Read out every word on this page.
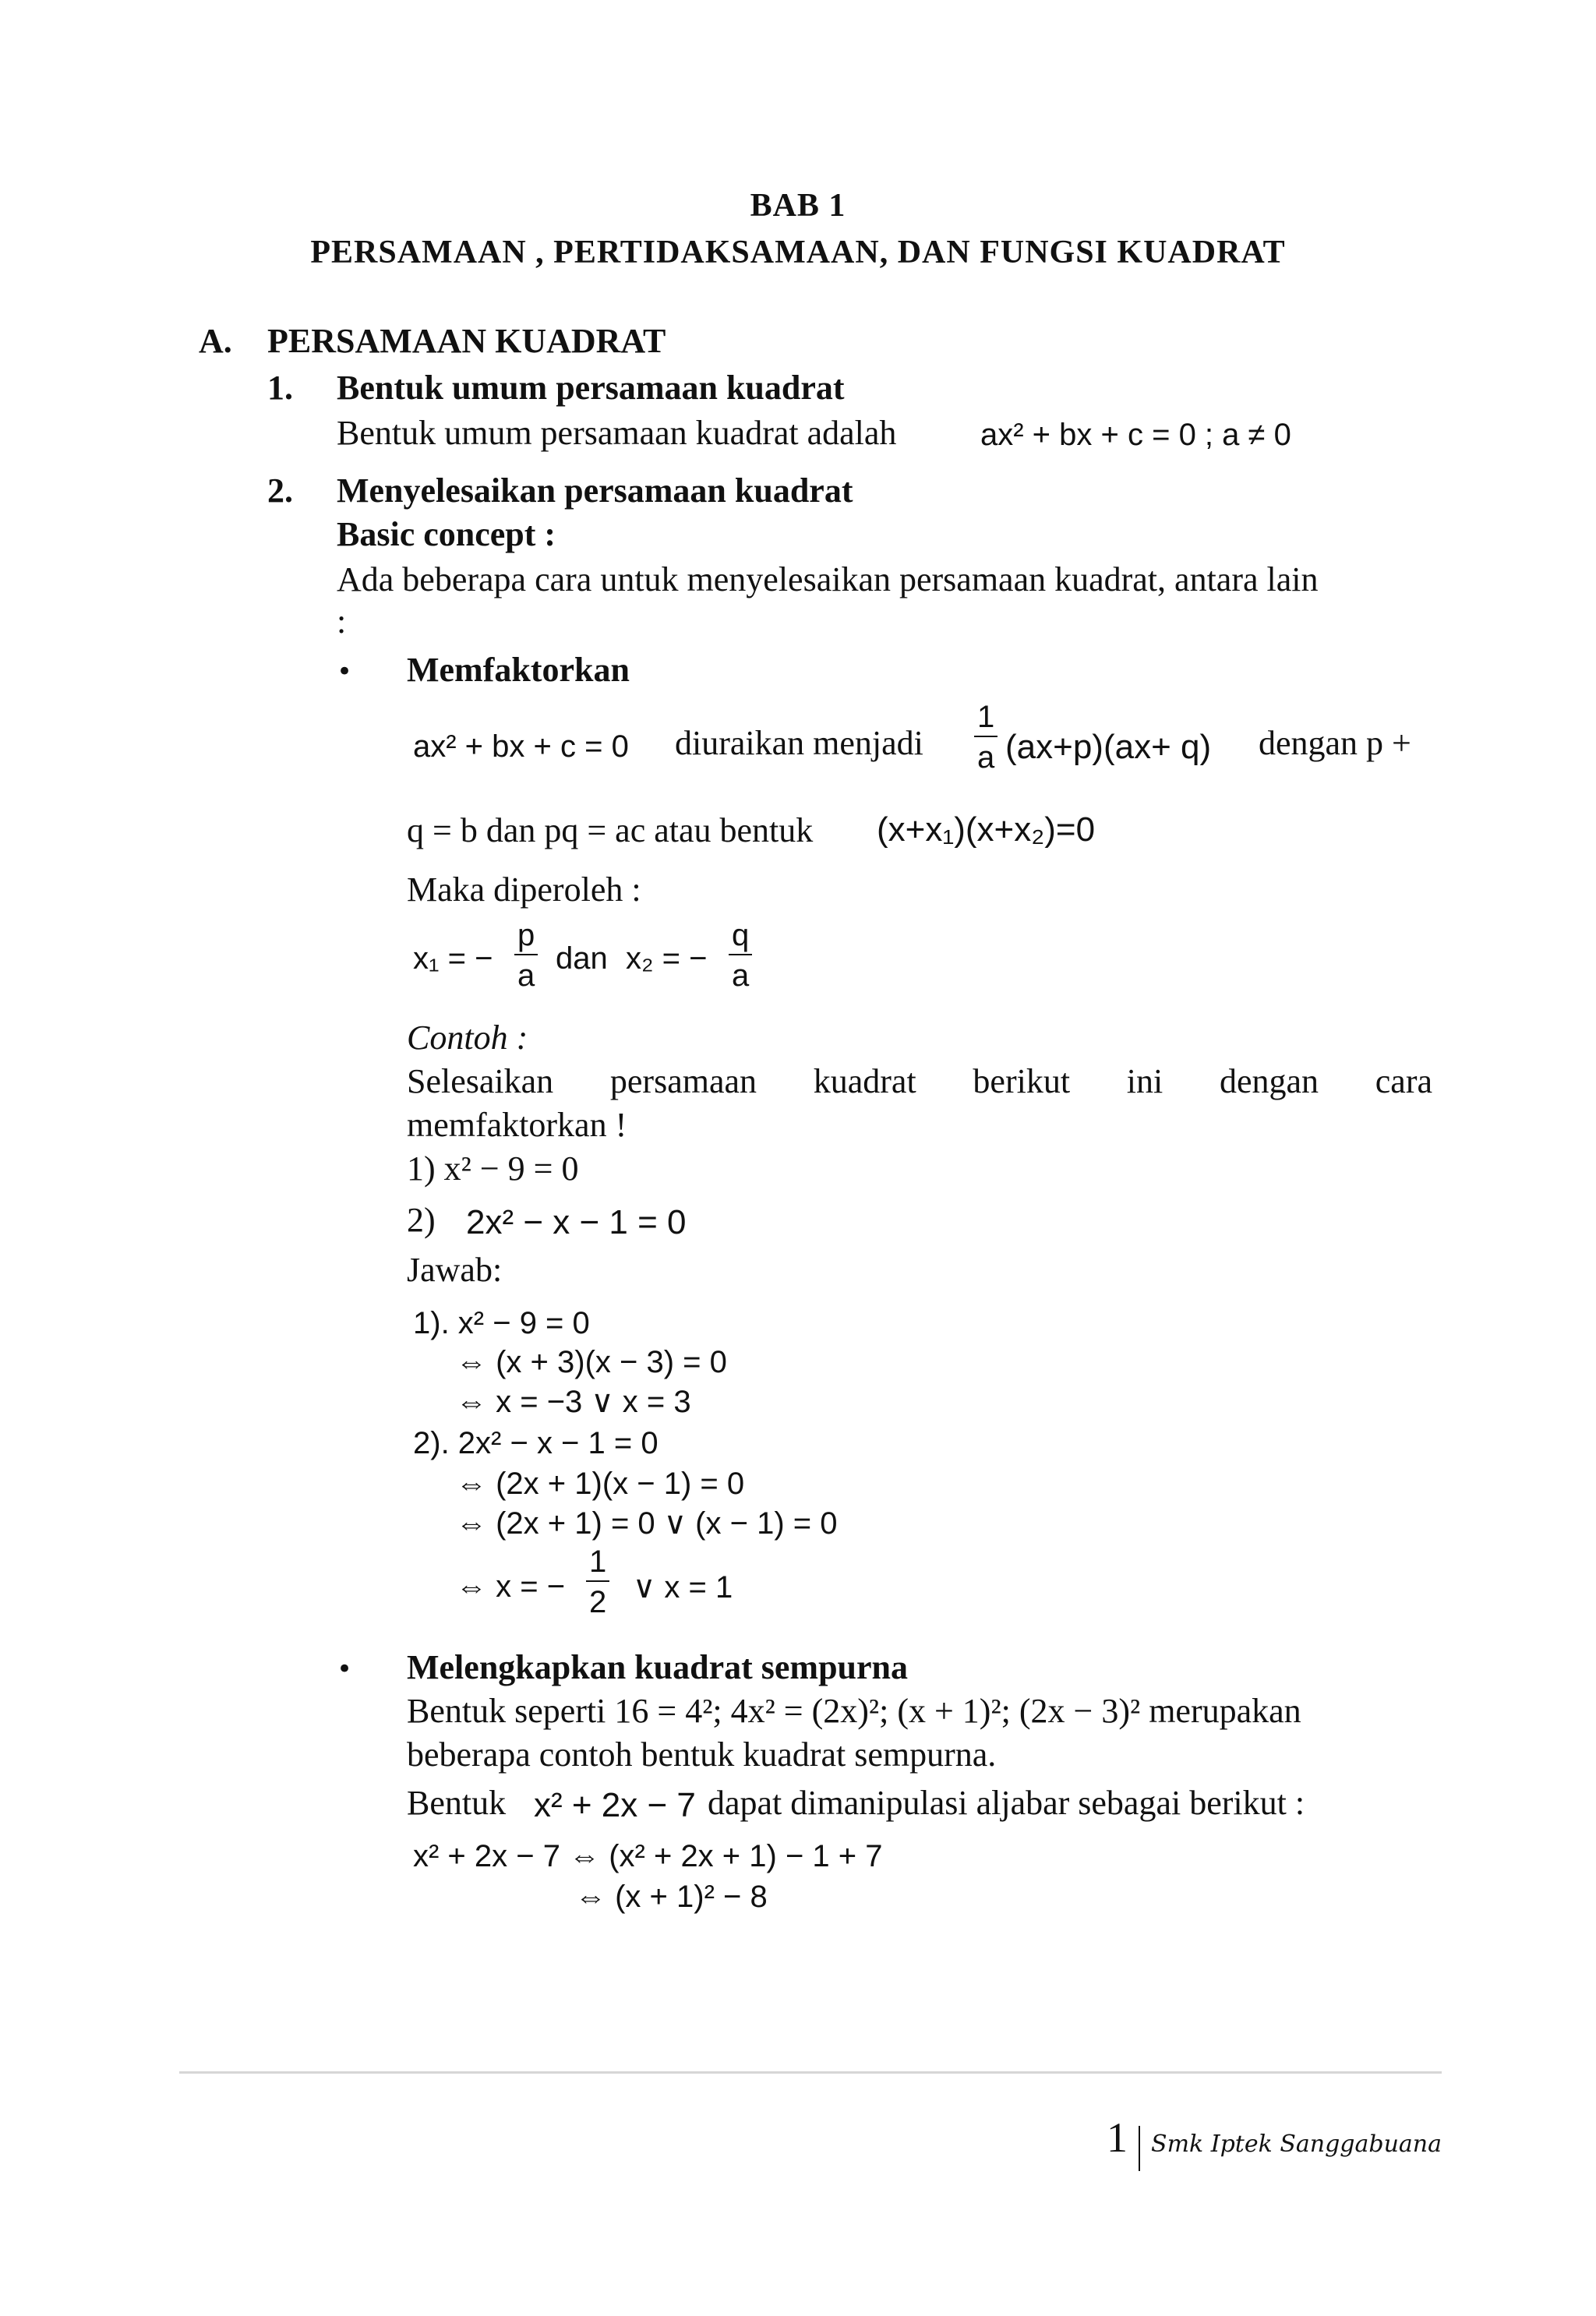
BAB 1
PERSAMAAN , PERTIDAKSAMAAN, DAN FUNGSI KUADRAT
A. PERSAMAAN KUADRAT
1. Bentuk umum persamaan kuadrat
Bentuk umum persamaan kuadrat adalah	ax² + bx + c = 0 ; a ≠ 0
2. Menyelesaikan persamaan kuadrat
Basic concept :
Ada beberapa cara untuk menyelesaikan persamaan kuadrat, antara lain
:
• Memfaktorkan
ax² + bx + c = 0 diuraikan menjadi $\frac{1}{a} (ax+p)(ax+ q)$ dengan p +
q = b dan pq = ac atau bentuk (x+x₁)(x+x₂)=0
Maka diperoleh :
x₁ = − $\frac{p}{a}$ dan x₂ = − $\frac{q}{a}$
Contoh :
Selesaikan persamaan kuadrat berikut ini dengan cara
memfaktorkan !
1) x² − 9 = 0
2) 2x² − x − 1 = 0
Jawab:
1). x² − 9 = 0
⇔ (x + 3)(x − 3) = 0
⇔ x = −3 ∨ x = 3
2). 2x² − x − 1 = 0
⇔ (2x + 1)(x − 1) = 0
⇔ (2x + 1) = 0 ∨ (x − 1) = 0
⇔ x = − $\frac{1}{2}$ ∨ x = 1
• Melengkapkan kuadrat sempurna
Bentuk seperti 16 = 4²; 4x² = (2x)²; (x + 1)²; (2x − 3)² merupakan
beberapa contoh bentuk kuadrat sempurna.
Bentuk x² + 2x − 7 dapat dimanipulasi aljabar sebagai berikut :
x² + 2x − 7 ⇔ (x² + 2x + 1) − 1 + 7
⇔ (x + 1)² − 8
1 Smk Iptek Sanggabuana
